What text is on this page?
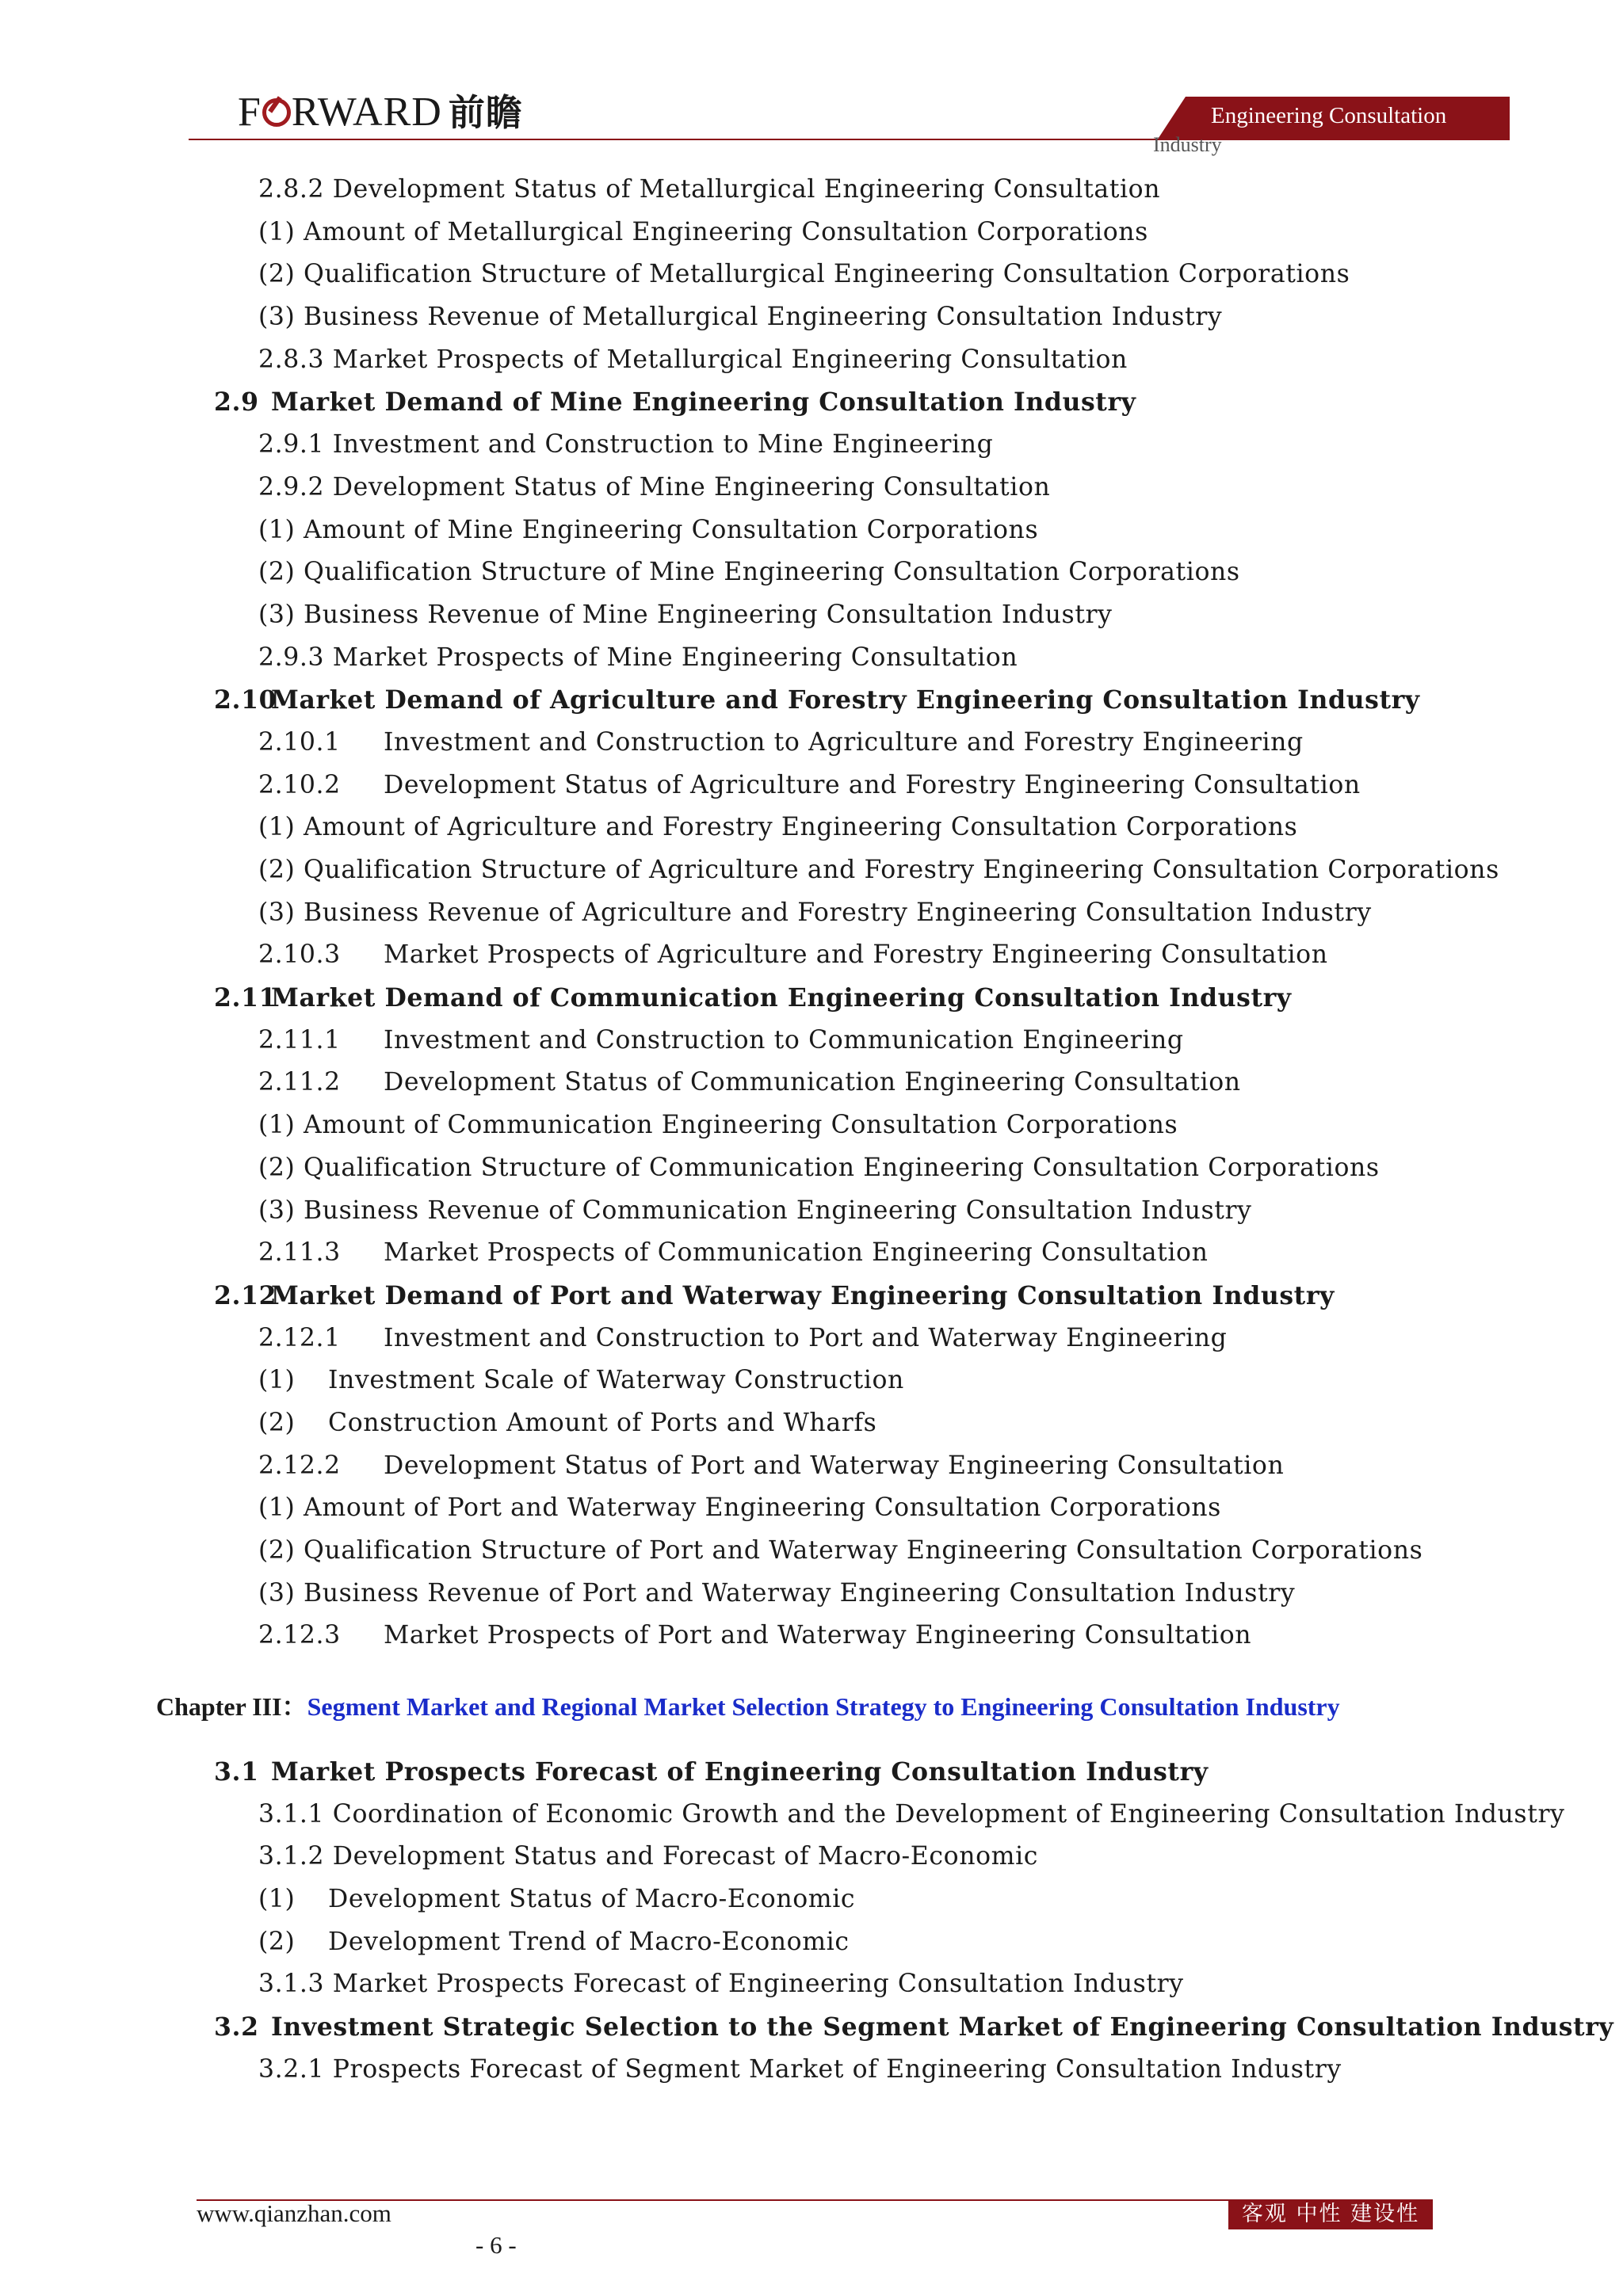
F RWARD 前瞻	Engineering Consultation
Industry
2.8.2 Development Status of Metallurgical Engineering Consultation
(1) Amount of Metallurgical Engineering Consultation Corporations
(2) Qualification Structure of Metallurgical Engineering Consultation Corporations
(3) Business Revenue of Metallurgical Engineering Consultation Industry
2.8.3 Market Prospects of Metallurgical Engineering Consultation
2.9 Market Demand of Mine Engineering Consultation Industry
2.9.1 Investment and Construction to Mine Engineering
2.9.2 Development Status of Mine Engineering Consultation
(1) Amount of Mine Engineering Consultation Corporations
(2) Qualification Structure of Mine Engineering Consultation Corporations
(3) Business Revenue of Mine Engineering Consultation Industry
2.9.3 Market Prospects of Mine Engineering Consultation
2.10Market Demand of Agriculture and Forestry Engineering Consultation Industry
2.10.1 Investment and Construction to Agriculture and Forestry Engineering
2.10.2 Development Status of Agriculture and Forestry Engineering Consultation
(1) Amount of Agriculture and Forestry Engineering Consultation Corporations
(2) Qualification Structure of Agriculture and Forestry Engineering Consultation Corporations
(3) Business Revenue of Agriculture and Forestry Engineering Consultation Industry
2.10.3 Market Prospects of Agriculture and Forestry Engineering Consultation
2.11Market Demand of Communication Engineering Consultation Industry
2.11.1 Investment and Construction to Communication Engineering
2.11.2 Development Status of Communication Engineering Consultation
(1) Amount of Communication Engineering Consultation Corporations
(2) Qualification Structure of Communication Engineering Consultation Corporations
(3) Business Revenue of Communication Engineering Consultation Industry
2.11.3 Market Prospects of Communication Engineering Consultation
2.12Market Demand of Port and Waterway Engineering Consultation Industry
2.12.1 Investment and Construction to Port and Waterway Engineering
(1) Investment Scale of Waterway Construction
(2) Construction Amount of Ports and Wharfs
2.12.2 Development Status of Port and Waterway Engineering Consultation
(1) Amount of Port and Waterway Engineering Consultation Corporations
(2) Qualification Structure of Port and Waterway Engineering Consultation Corporations
(3) Business Revenue of Port and Waterway Engineering Consultation Industry
2.12.3 Market Prospects of Port and Waterway Engineering Consultation
Chapter III：Segment Market and Regional Market Selection Strategy to Engineering Consultation Industry
3.1 Market Prospects Forecast of Engineering Consultation Industry
3.1.1 Coordination of Economic Growth and the Development of Engineering Consultation Industry
3.1.2 Development Status and Forecast of Macro-Economic
(1) Development Status of Macro-Economic
(2) Development Trend of Macro-Economic
3.1.3 Market Prospects Forecast of Engineering Consultation Industry
3.2 Investment Strategic Selection to the Segment Market of Engineering Consultation Industry
3.2.1 Prospects Forecast of Segment Market of Engineering Consultation Industry
www.qianzhan.com	客观 中性 建设性
- 6 -
